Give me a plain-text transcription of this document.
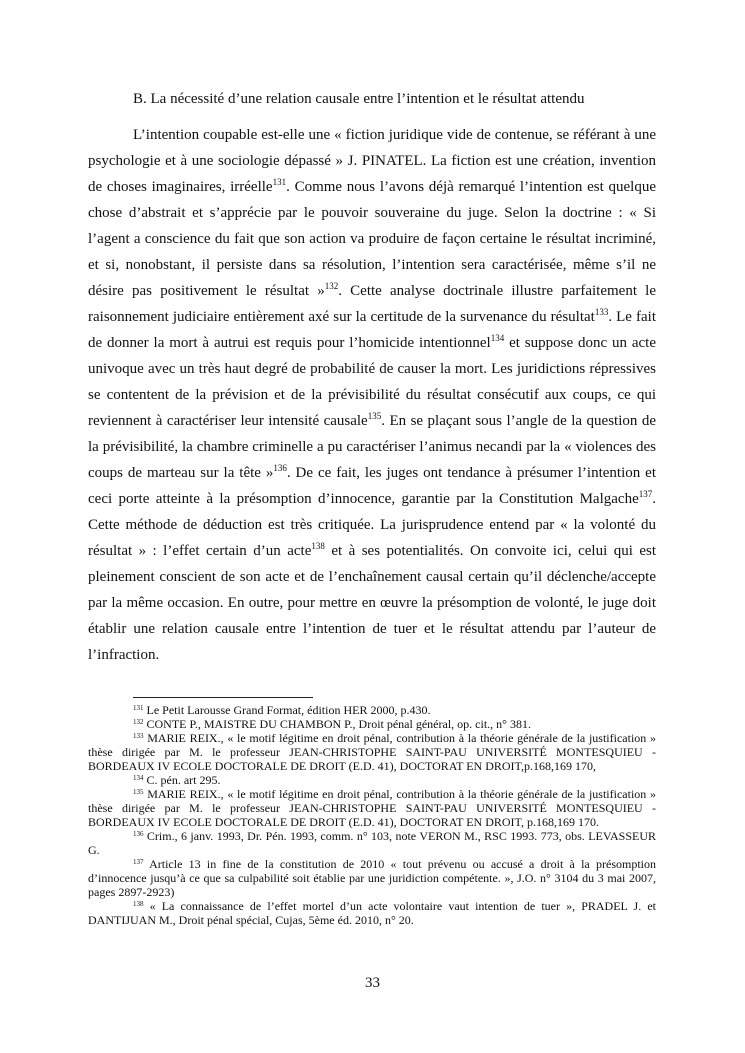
B. La nécessité d’une relation causale entre l’intention et le résultat attendu

L’intention coupable est-elle une « fiction juridique vide de contenue, se référant à une psychologie et à une sociologie dépassé » J. PINATEL. La fiction est une création, invention de choses imaginaires, irréelle$^{131}$. Comme nous l’avons déjà remarqué l’intention est quelque chose d’abstrait et s’apprécie par le pouvoir souveraine du juge. Selon la doctrine : « Si l’agent a conscience du fait que son action va produire de façon certaine le résultat incriminé, et si, nonobstant, il persiste dans sa résolution, l’intention sera caractérisée, même s’il ne désire pas positivement le résultat »$^{132}$. Cette analyse doctrinale illustre parfaitement le raisonnement judiciaire entièrement axé sur la certitude de la survenance du résultat$^{133}$. Le fait de donner la mort à autrui est requis pour l’homicide intentionnel$^{134}$ et suppose donc un acte univoque avec un très haut degré de probabilité de causer la mort. Les juridictions répressives se contentent de la prévision et de la prévisibilité du résultat consécutif aux coups, ce qui reviennent à caractériser leur intensité causale$^{135}$. En se plaçant sous l’angle de la question de la prévisibilité, la chambre criminelle a pu caractériser l’animus necandi par la « violences des coups de marteau sur la tête »$^{136}$. De ce fait, les juges ont tendance à présumer l’intention et ceci porte atteinte à la présomption d’innocence, garantie par la Constitution Malgache$^{137}$. Cette méthode de déduction est très critiquée. La jurisprudence entend par « la volonté du résultat » : l’effet certain d’un acte$^{138}$ et à ses potentialités. On convoite ici, celui qui est pleinement conscient de son acte et de l’enchaînement causal certain qu’il déclenche/accepte par la même occasion. En outre, pour mettre en œuvre la présomption de volonté, le juge doit établir une relation causale entre l’intention de tuer et le résultat attendu par l’auteur de l’infraction.

$^{131}$ Le Petit Larousse Grand Format, édition HER 2000, p.430.

$^{132}$ CONTE P., MAISTRE DU CHAMBON P., Droit pénal général, op. cit., n° 381.

$^{133}$ MARIE REIX., « le motif légitime en droit pénal, contribution à la théorie générale de la justification » thèse dirigée par M. le professeur JEAN-CHRISTOPHE SAINT-PAU UNIVERSITÉ MONTESQUIEU - BORDEAUX IV ECOLE DOCTORALE DE DROIT (E.D. 41), DOCTORAT EN DROIT,p.168,169 170,

$^{134}$ C. pén. art 295.

$^{135}$ MARIE REIX., « le motif légitime en droit pénal, contribution à la théorie générale de la justification » thèse dirigée par M. le professeur JEAN-CHRISTOPHE SAINT-PAU UNIVERSITÉ MONTESQUIEU - BORDEAUX IV ECOLE DOCTORALE DE DROIT (E.D. 41), DOCTORAT EN DROIT, p.168,169 170.

$^{136}$ Crim., 6 janv. 1993, Dr. Pén. 1993, comm. n° 103, note VERON M., RSC 1993. 773, obs. LEVASSEUR G.

$^{137}$ Article 13 in fine de la constitution de 2010 « tout prévenu ou accusé a droit à la présomption d’innocence jusqu’à ce que sa culpabilité soit établie par une juridiction compétente. », J.O. n° 3104 du 3 mai 2007, pages 2897-2923)

$^{138}$ « La connaissance de l’effet mortel d’un acte volontaire vaut intention de tuer », PRADEL J. et DANTIJUAN M., Droit pénal spécial, Cujas, 5ème éd. 2010, n° 20.

33
